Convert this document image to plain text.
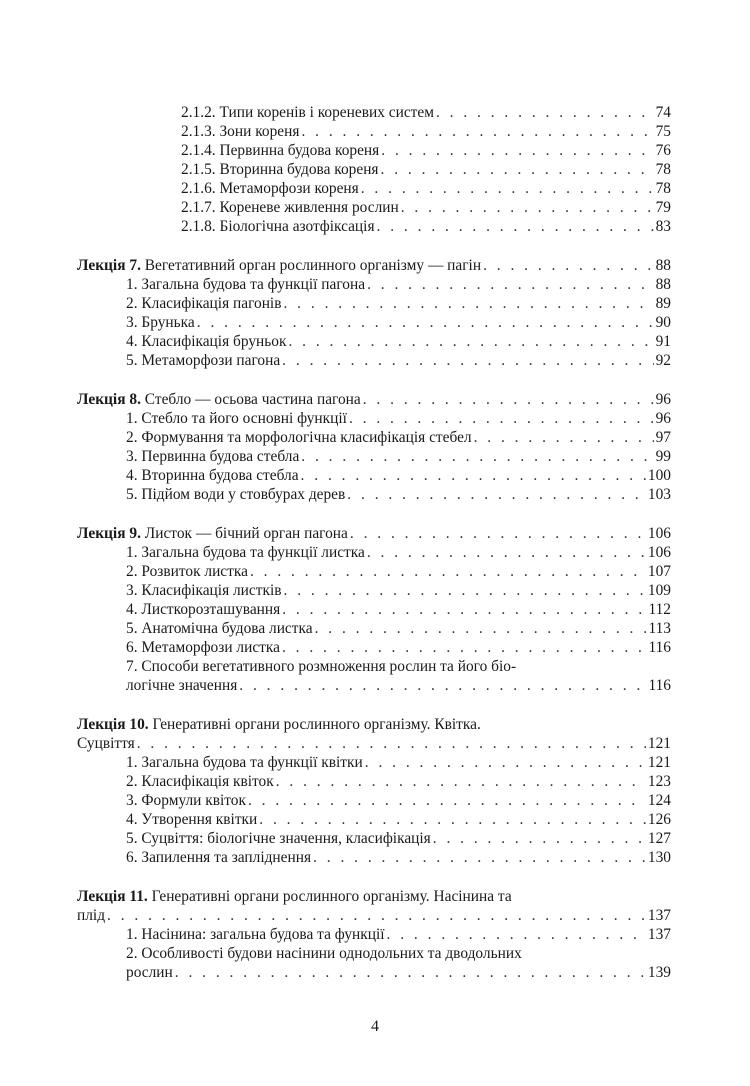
2.1.2. Типи коренів і кореневих систем . . .	74
2.1.3. Зони кореня . . .	75
2.1.4. Первинна будова кореня . . .	76
2.1.5. Вторинна будова кореня . . .	78
2.1.6. Метаморфози кореня . . .	78
2.1.7. Кореневе живлення рослин . . .	79
2.1.8. Біологічна азотфіксація . . .	83
Лекція 7. Вегетативний орган рослинного організму — пагін . . .	88
1. Загальна будова та функції пагона . . .	88
2. Класифікація пагонів . . .	89
3. Брунька . . .	90
4. Класифікація бруньок . . .	91
5. Метаморфози пагона . . .	92
Лекція 8. Стебло — осьова частина пагона . . .	96
1. Стебло та його основні функції . . .	96
2. Формування та морфологічна класифікація стебел . . .	97
3. Первинна будова стебла . . .	99
4. Вторинна будова стебла . . .	100
5. Підйом води у стовбурах дерев . . .	103
Лекція 9. Листок — бічний орган пагона . . .	106
1. Загальна будова та функції листка . . .	106
2. Розвиток листка . . .	107
3. Класифікація листків . . .	109
4. Листкорозташування . . .	112
5. Анатомічна будова листка . . .	113
6. Метаморфози листка . . .	116
7. Способи вегетативного розмноження рослин та його біо-
логічне значення . . .	116
Лекція 10. Генеративні органи рослинного організму. Квітка.
Суцвіття . . .	121
1. Загальна будова та функції квітки . . .	121
2. Класифікація квіток . . .	123
3. Формули квіток . . .	124
4. Утворення квітки . . .	126
5. Суцвіття: біологічне значення, класифікація . . .	127
6. Запилення та запліднення . . .	130
Лекція 11. Генеративні органи рослинного організму. Насінина та
плід . . .	137
1. Насінина: загальна будова та функції . . .	137
2. Особливості будови насінини однодольних та дводольних
рослин . . .	139
4
